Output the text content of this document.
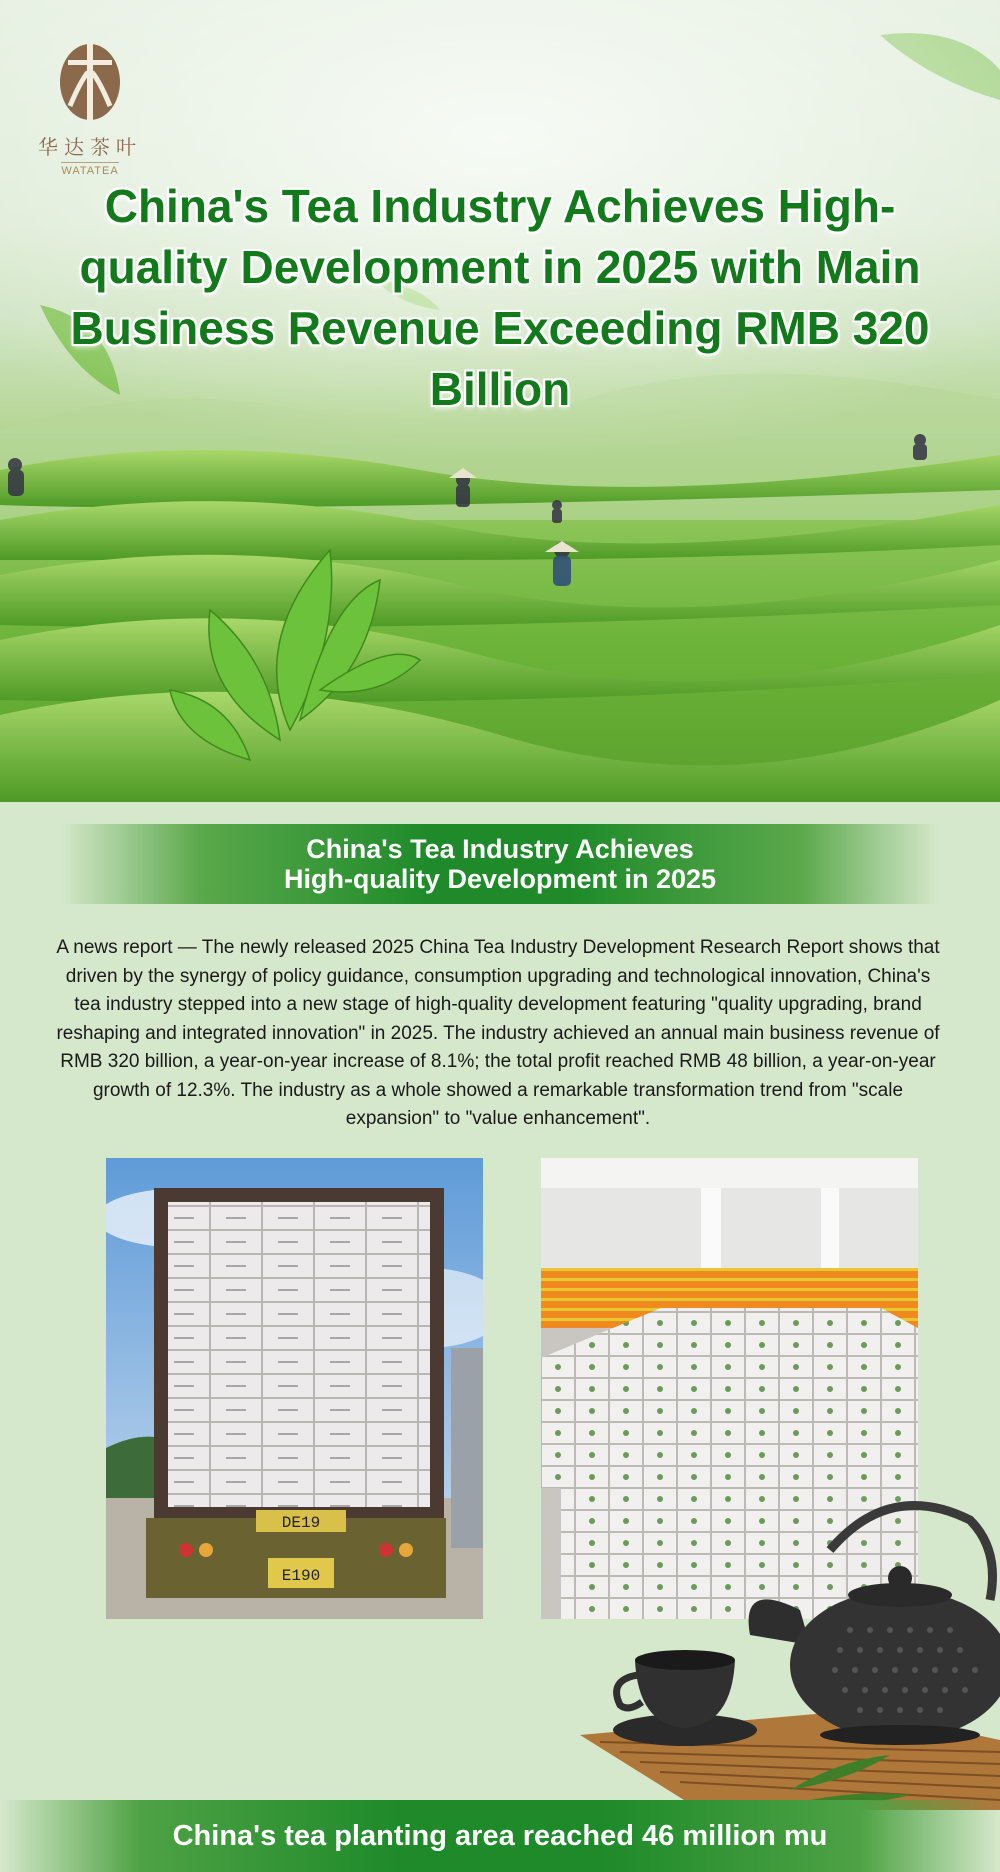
华达茶叶
WATATEA
China's Tea Industry Achieves High-quality Development in 2025 with Main Business Revenue Exceeding RMB 320 Billion
China's Tea Industry Achieves
High-quality Development in 2025

A news report — The newly released 2025 China Tea Industry Development Research Report shows that driven by the synergy of policy guidance, consumption upgrading and technological innovation, China's tea industry stepped into a new stage of high-quality development featuring "quality upgrading, brand reshaping and integrated innovation" in 2025. The industry achieved an annual main business revenue of RMB 320 billion, a year-on-year increase of 8.1%; the total profit reached RMB 48 billion, a year-on-year growth of 12.3%. The industry as a whole showed a remarkable transformation trend from "scale expansion" to "value enhancement".

DE19
E190
China's tea planting area reached 46 million mu
